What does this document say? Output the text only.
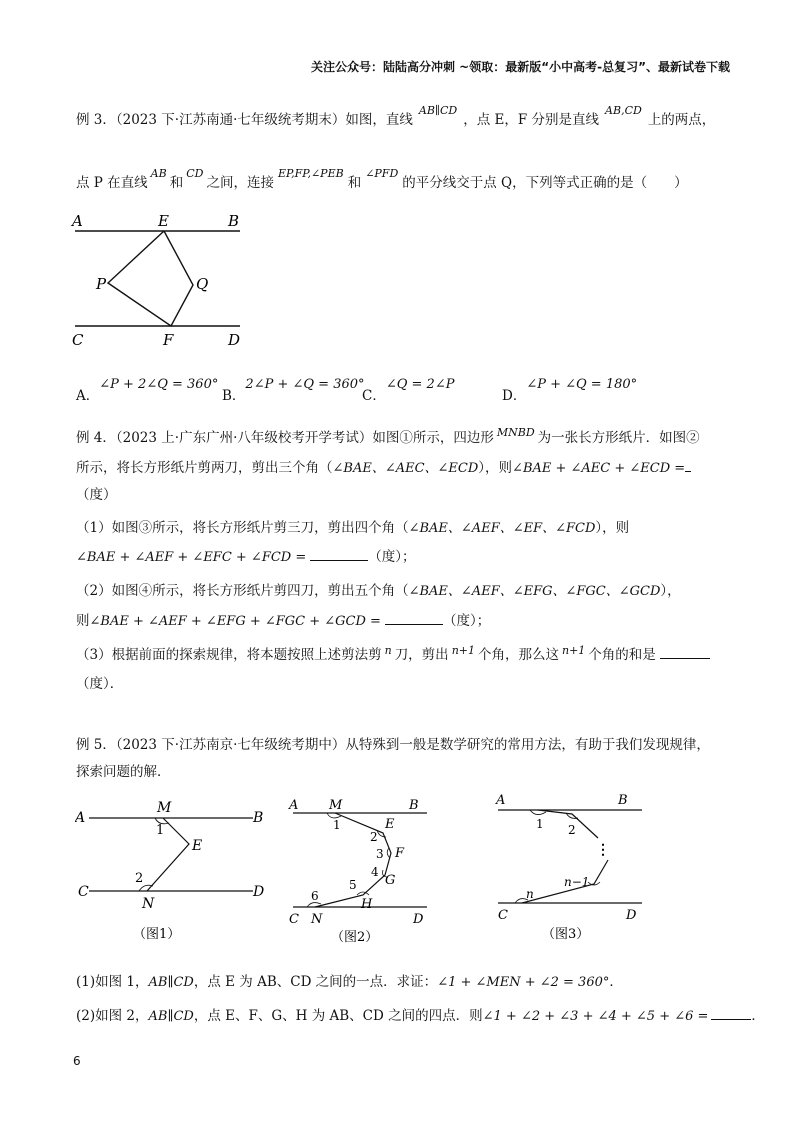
关注公众号：陆陆高分冲刺 ~领取：最新版“小中高考-总复习”、最新试卷下载
例 3．（2023 下·江苏南通·七年级统考期末）如图，直线$^{AB\parallel CD}$，点 E，F 分别是直线$^{AB,CD}$上的两点，
点 P 在直线$^{AB}$和$^{CD}$之间，连接$^{EP,FP,\angle PEB}$和$^{\angle PFD}$的平分线交于点 Q，下列等式正确的是（　　）
A	E	B
P	Q
C	F	D
A．∠P + 2∠Q = 360°
B．2∠P + ∠Q = 360°
C．∠Q = 2∠P
D．∠P + ∠Q = 180°
例 4．（2023 上·广东广州·八年级校考开学考试）如图①所示，四边形 $^{MNBD}$ 为一张长方形纸片．如图②
所示，将长方形纸片剪两刀，剪出三个角（∠BAE、∠AEC、∠ECD），则∠BAE + ∠AEC + ∠ECD =
（度）
（1）如图③所示，将长方形纸片剪三刀，剪出四个角（∠BAE、∠AEF、∠EF、∠FCD），则
∠BAE + ∠AEF + ∠EFC + ∠FCD =	（度）；
（2）如图④所示，将长方形纸片剪四刀，剪出五个角（∠BAE、∠AEF、∠EFG、∠FGC、∠GCD），
则∠BAE + ∠AEF + ∠EFG + ∠FGC + ∠GCD =	（度）；
（3）根据前面的探索规律，将本题按照上述剪法剪 $^n$ 刀，剪出 $^{n+1}$ 个角，那么这 $^{n+1}$ 个角的和是
（度）．
例 5．（2023 下·江苏南京·七年级统考期中）从特殊到一般是数学研究的常用方法，有助于我们发现规律，
探索问题的解．
A
M
B
1
E
2
C
N
D
（图1）
A M	B
1
2
E
3 F
4
G
5
H
6
C N	D
（图2）
A	B
1 2
⋮
n−1
n
C	D
（图3）
(1)如图 1，AB∥CD，点 E 为 AB、CD 之间的一点．求证：∠1 + ∠MEN + ∠2 = 360°．
(2)如图 2，AB∥CD，点 E、F、G、H 为 AB、CD 之间的四点．则∠1 + ∠2 + ∠3 + ∠4 + ∠5 + ∠6 =	．
6
